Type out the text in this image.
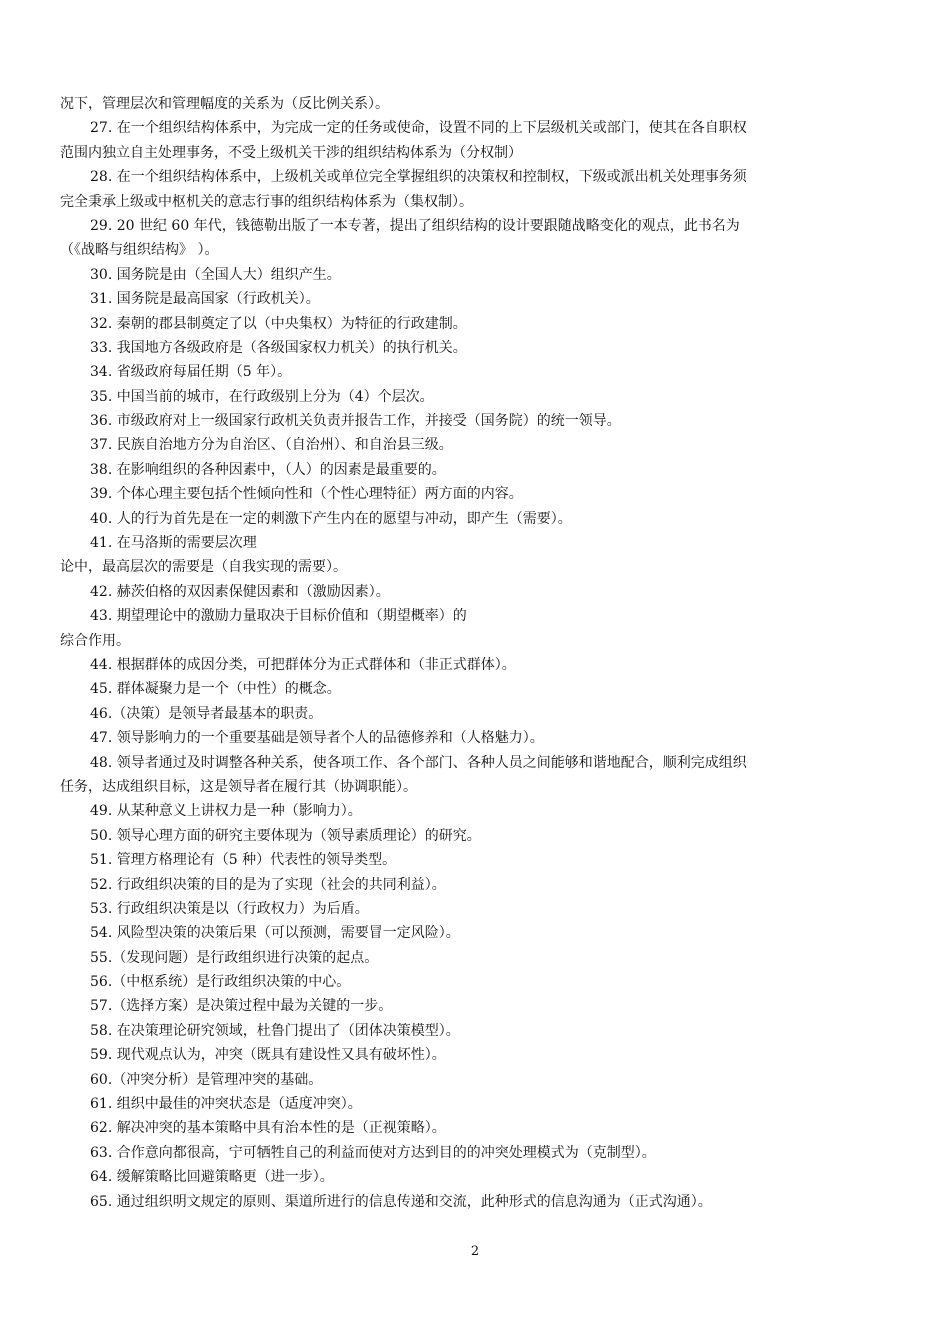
况下，管理层次和管理幅度的关系为（反比例关系）。
27. 在一个组织结构体系中，为完成一定的任务或使命，设置不同的上下层级机关或部门，使其在各自职权
范围内独立自主处理事务，不受上级机关干涉的组织结构体系为（分权制）
28. 在一个组织结构体系中，上级机关或单位完全掌握组织的决策权和控制权，下级或派出机关处理事务须
完全秉承上级或中枢机关的意志行事的组织结构体系为（集权制）。
29. 20 世纪 60 年代，钱德勒出版了一本专著，提出了组织结构的设计要跟随战略变化的观点，此书名为
（《战略与组织结构》 ）。
30. 国务院是由（全国人大）组织产生。
31. 国务院是最高国家（行政机关）。
32. 秦朝的郡县制奠定了以（中央集权）为特征的行政建制。
33. 我国地方各级政府是（各级国家权力机关）的执行机关。
34. 省级政府每届任期（5 年）。
35. 中国当前的城市，在行政级别上分为（4）个层次。
36. 市级政府对上一级国家行政机关负责并报告工作，并接受（国务院）的统一领导。
37. 民族自治地方分为自治区、（自治州）、和自治县三级。
38. 在影响组织的各种因素中，（人）的因素是最重要的。
39. 个体心理主要包括个性倾向性和（个性心理特征）两方面的内容。
40. 人的行为首先是在一定的刺激下产生内在的愿望与冲动，即产生（需要）。
41. 在马洛斯的需要层次理
论中，最高层次的需要是（自我实现的需要）。
42. 赫茨伯格的双因素保健因素和（激励因素）。
43. 期望理论中的激励力量取决于目标价值和（期望概率）的
综合作用。
44. 根据群体的成因分类，可把群体分为正式群体和（非正式群体）。
45. 群体凝聚力是一个（中性）的概念。
46.（决策）是领导者最基本的职责。
47. 领导影响力的一个重要基础是领导者个人的品德修养和（人格魅力）。
48. 领导者通过及时调整各种关系，使各项工作、各个部门、各种人员之间能够和谐地配合，顺利完成组织
任务，达成组织目标，这是领导者在履行其（协调职能）。
49. 从某种意义上讲权力是一种（影响力）。
50. 领导心理方面的研究主要体现为（领导素质理论）的研究。
51. 管理方格理论有（5 种）代表性的领导类型。
52. 行政组织决策的目的是为了实现（社会的共同利益）。
53. 行政组织决策是以（行政权力）为后盾。
54. 风险型决策的决策后果（可以预测，需要冒一定风险）。
55.（发现问题）是行政组织进行决策的起点。
56.（中枢系统）是行政组织决策的中心。
57.（选择方案）是决策过程中最为关键的一步。
58. 在决策理论研究领域，杜鲁门提出了（团体决策模型）。
59. 现代观点认为，冲突（既具有建设性又具有破坏性）。
60.（冲突分析）是管理冲突的基础。
61. 组织中最佳的冲突状态是（适度冲突）。
62. 解决冲突的基本策略中具有治本性的是（正视策略）。
63. 合作意向都很高，宁可牺牲自己的利益而使对方达到目的的冲突处理模式为（克制型）。
64. 缓解策略比回避策略更（进一步）。
65. 通过组织明文规定的原则、渠道所进行的信息传递和交流，此种形式的信息沟通为（正式沟通）。
2
